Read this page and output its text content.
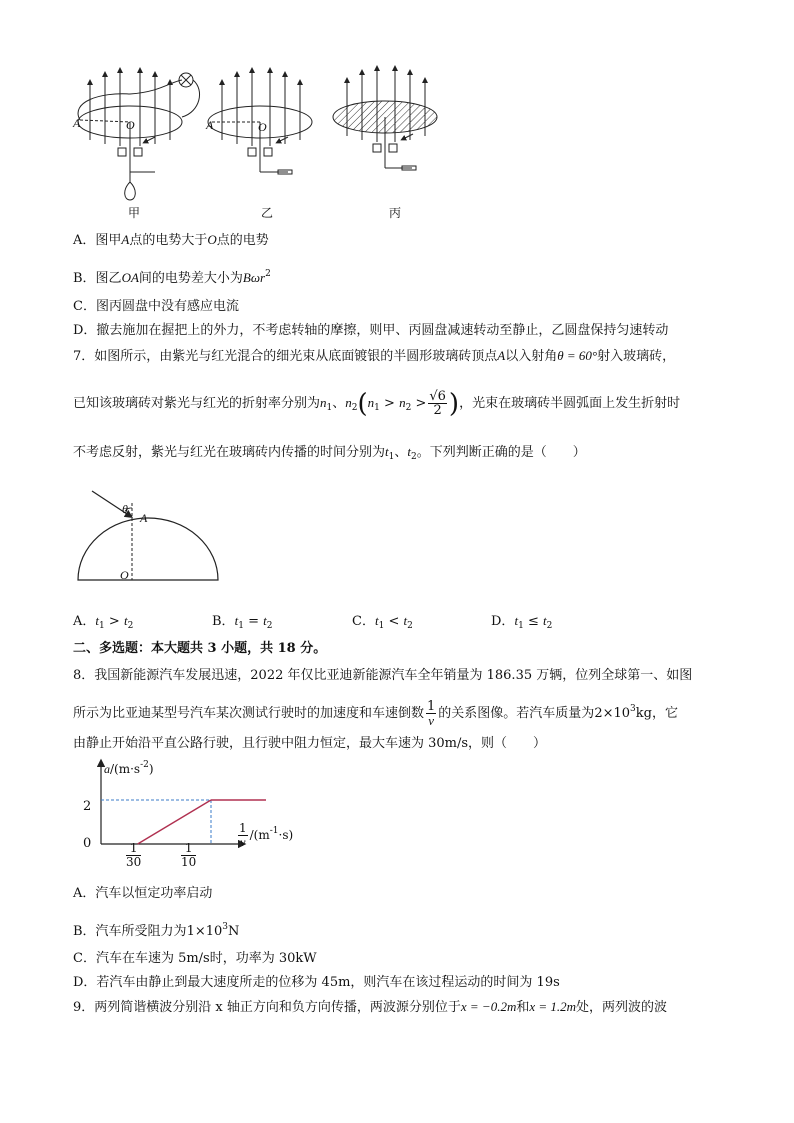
A	O	A	O
甲	乙	丙
A．图甲A点的电势大于O点的电势
B．图乙OA间的电势差大小为Bωr$^2$
C．图丙圆盘中没有感应电流
D．撤去施加在握把上的外力，不考虑转轴的摩擦，则甲、丙圆盘减速转动至静止，乙圆盘保持匀速转动
7．如图所示，由紫光与红光混合的细光束从底面镀银的半圆形玻璃砖顶点A以入射角θ = 60°射入玻璃砖，
已知该玻璃砖对紫光与红光的折射率分别为$n_1$、$n_2(n_1 > n_2 > \frac{√6}{2}$ )，光束在玻璃砖半圆弧面上发生折射时
不考虑反射，紫光与红光在玻璃砖内传播的时间分别为$t_1$、$t_2$。下列判断正确的是（　　）
θ
A
O
A．$t_1 > t_2$	B．$t_1 = t_2$	C．$t_1 < t_2$	D．$t_1 \le t_2$
二、多选题：本大题共 3 小题，共 18 分。
8．我国新能源汽车发展迅速，2022 年仅比亚迪新能源汽车全年销量为 186.35 万辆，位列全球第一、如图
所示为比亚迪某型号汽车某次测试行驶时的加速度和车速倒数 $\frac{1}{v}$ 的关系图像。若汽车质量为$2\times 10^3kg$，它
由静止开始沿平直公路行驶，且行驶中阻力恒定，最大车速为 30m/s，则（　　）
$a/(m\cdot s^{-2})$
2
0	$\frac{1}{30}$	$\frac{1}{10}$
$\frac{1}{v} /(m^{-1}\cdot s)$
A．汽车以恒定功率启动
B．汽车所受阻力为$1\times 10^3N$
C．汽车在车速为 5m/s时，功率为 30kW
D．若汽车由静止到最大速度所走的位移为 45m，则汽车在该过程运动的时间为 19s
9．两列简谐横波分别沿 x 轴正方向和负方向传播，两波源分别位于x = −0.2m和x = 1.2m处，两列波的波
